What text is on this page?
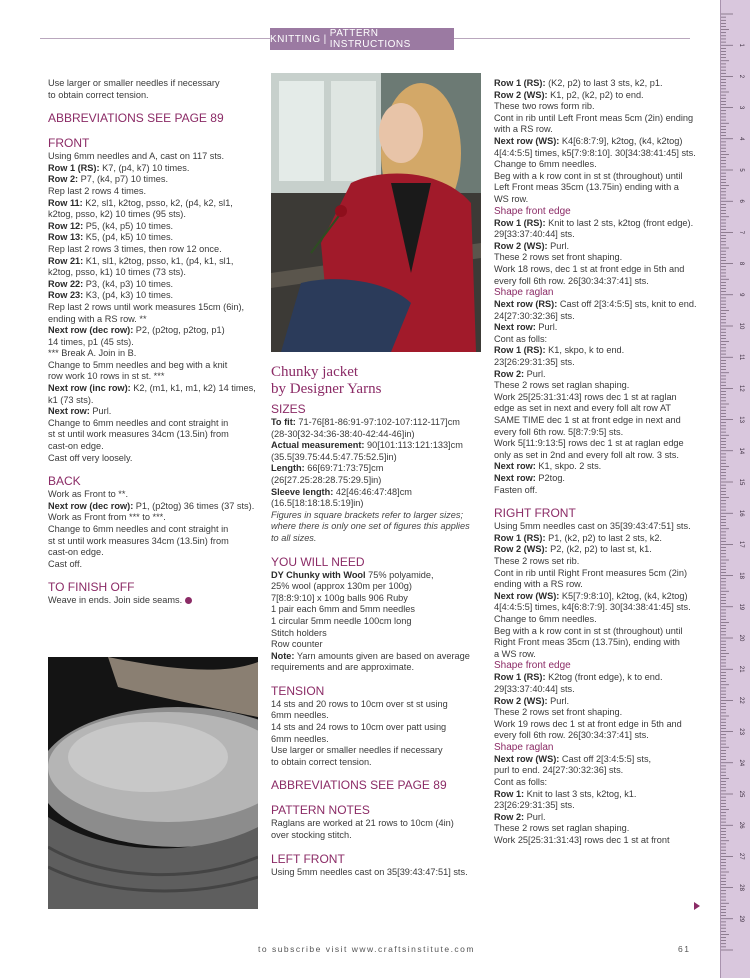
1
2
3
4
5
6
7
8
9
10
11
12
13
14
15
16
17
18
19
20
21
22
23
24
25
26
27
28
29
KNITTING | PATTERN INSTRUCTIONS

Use larger or smaller needles if necessary

to obtain correct tension.

ABBREVIATIONS SEE PAGE 89
FRONT

Using 6mm needles and A, cast on 117 sts.

Row 1 (RS): K7, (p4, k7) 10 times.

Row 2: P7, (k4, p7) 10 times.

Rep last 2 rows 4 times.

Row 11: K2, sl1, k2tog, psso, k2, (p4, k2, sl1,

k2tog, psso, k2) 10 times (95 sts).

Row 12: P5, (k4, p5) 10 times.

Row 13: K5, (p4, k5) 10 times.

Rep last 2 rows 3 times, then row 12 once.

Row 21: K1, sl1, k2tog, psso, k1, (p4, k1, sl1,

k2tog, psso, k1) 10 times (73 sts).

Row 22: P3, (k4, p3) 10 times.

Row 23: K3, (p4, k3) 10 times.

Rep last 2 rows until work measures 15cm (6in),

ending with a RS row. **

Next row (dec row): P2, (p2tog, p2tog, p1)

14 times, p1 (45 sts).

*** Break A. Join in B.

Change to 5mm needles and beg with a knit

row work 10 rows in st st. ***

Next row (inc row): K2, (m1, k1, m1, k2) 14 times,

k1 (73 sts).

Next row: Purl.

Change to 6mm needles and cont straight in

st st until work measures 34cm (13.5in) from

cast-on edge.

Cast off very loosely.

BACK

Work as Front to **.

Next row (dec row): P1, (p2tog) 36 times (37 sts).

Work as Front from *** to ***.

Change to 6mm needles and cont straight in

st st until work measures 34cm (13.5in) from

cast-on edge.

Cast off.

TO FINISH OFF

Weave in ends. Join side seams.

Chunky jacket
by Designer Yarns
SIZES

To fit: 71-76[81-86:91-97:102-107:112-117]cm

(28-30[32-34:36-38:40-42:44-46]in)

Actual measurement: 90[101:113:121:133]cm

(35.5[39.75:44.5:47.75:52.5]in)

Length: 66[69:71:73:75]cm

(26[27.25:28:28.75:29.5]in)

Sleeve length: 42[46:46:47:48]cm

(16.5[18:18:18.5:19]in)

Figures in square brackets refer to larger sizes;

where there is only one set of figures this applies

to all sizes.

YOU WILL NEED

DY Chunky with Wool 75% polyamide,

25% wool (approx 130m per 100g)

7[8:8:9:10] x 100g balls 906 Ruby

1 pair each 6mm and 5mm needles

1 circular 5mm needle 100cm long

Stitch holders

Row counter

Note: Yarn amounts given are based on average

requirements and are approximate.

TENSION

14 sts and 20 rows to 10cm over st st using

6mm needles.

14 sts and 24 rows to 10cm over patt using

6mm needles.

Use larger or smaller needles if necessary

to obtain correct tension.

ABBREVIATIONS SEE PAGE 89
PATTERN NOTES

Raglans are worked at 21 rows to 10cm (4in)

over stocking stitch.

LEFT FRONT

Using 5mm needles cast on 35[39:43:47:51] sts.

Row 1 (RS): (K2, p2) to last 3 sts, k2, p1.

Row 2 (WS): K1, p2, (k2, p2) to end.

These two rows form rib.

Cont in rib until Left Front meas 5cm (2in) ending

with a RS row.

Next row (WS): K4[6:8:7:9], k2tog, (k4, k2tog)

4[4:4:5:5] times, k5[7:9:8:10]. 30[34:38:41:45] sts.

Change to 6mm needles.

Beg with a k row cont in st st (throughout) until

Left Front meas 35cm (13.75in) ending with a

WS row.

Shape front edge

Row 1 (RS): Knit to last 2 sts, k2tog (front edge).

29[33:37:40:44] sts.

Row 2 (WS): Purl.

These 2 rows set front shaping.

Work 18 rows, dec 1 st at front edge in 5th and

every foll 6th row. 26[30:34:37:41] sts.

Shape raglan

Next row (RS): Cast off 2[3:4:5:5] sts, knit to end.

24[27:30:32:36] sts.

Next row: Purl.

Cont as folls:

Row 1 (RS): K1, skpo, k to end.

23[26:29:31:35] sts.

Row 2: Purl.

These 2 rows set raglan shaping.

Work 25[25:31:31:43] rows dec 1 st at raglan

edge as set in next and every foll alt row AT

SAME TIME dec 1 st at front edge in next and

every foll 6th row. 5[8:7:9:5] sts.

Work 5[11:9:13:5] rows dec 1 st at raglan edge

only as set in 2nd and every foll alt row. 3 sts.

Next row: K1, skpo. 2 sts.

Next row: P2tog.

Fasten off.

RIGHT FRONT

Using 5mm needles cast on 35[39:43:47:51] sts.

Row 1 (RS): P1, (k2, p2) to last 2 sts, k2.

Row 2 (WS): P2, (k2, p2) to last st, k1.

These 2 rows set rib.

Cont in rib until Right Front measures 5cm (2in)

ending with a RS row.

Next row (WS): K5[7:9:8:10], k2tog, (k4, k2tog)

4[4:4:5:5] times, k4[6:8:7:9]. 30[34:38:41:45] sts.

Change to 6mm needles.

Beg with a k row cont in st st (throughout) until

Right Front meas 35cm (13.75in), ending with

a WS row.

Shape front edge

Row 1 (RS): K2tog (front edge), k to end.

29[33:37:40:44] sts.

Row 2 (WS): Purl.

These 2 rows set front shaping.

Work 19 rows dec 1 st at front edge in 5th and

every foll 6th row. 26[30:34:37:41] sts.

Shape raglan

Next row (WS): Cast off 2[3:4:5:5] sts,

purl to end. 24[27:30:32:36] sts.

Cont as folls:

Row 1: Knit to last 3 sts, k2tog, k1.

23[26:29:31:35] sts.

Row 2: Purl.

These 2 rows set raglan shaping.

Work 25[25:31:31:43] rows dec 1 st at front

to subscribe visit www.craftsinstitute.com	61
